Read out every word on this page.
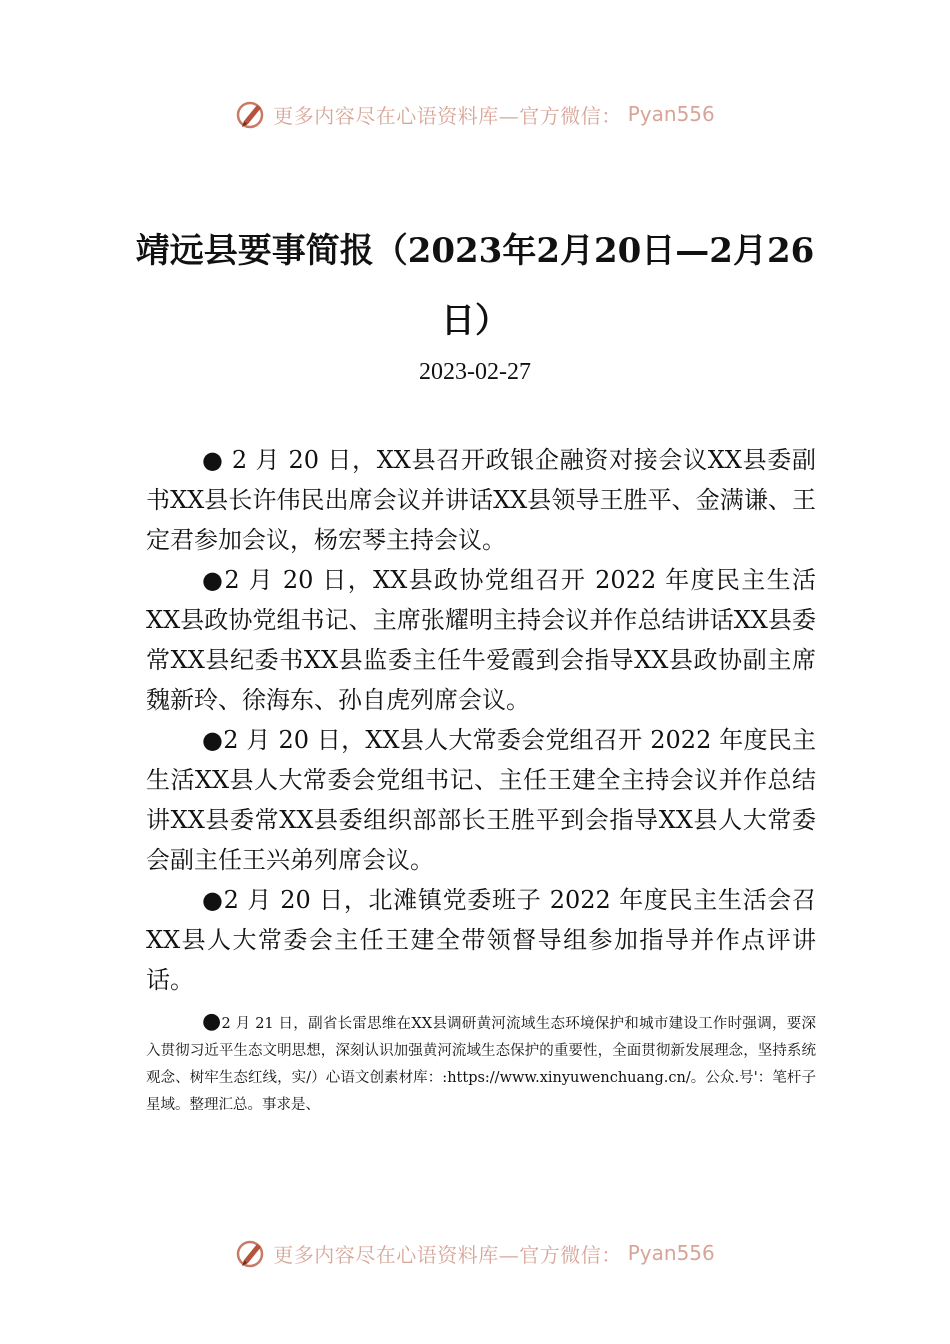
更多内容尽在心语资料库—官方微信： Pyan556
靖远县要事简报（2023年2月20日—2月26日）
2023-02-27

● 2 月 20 日，XX县召开政银企融资对接会议XX县委副书XX县长许伟民出席会议并讲话XX县领导王胜平、金满谦、王定君参加会议，杨宏琴主持会议。

●2 月 20 日，XX县政协党组召开 2022 年度民主生活XX县政协党组书记、主席张耀明主持会议并作总结讲话XX县委常XX县纪委书XX县监委主任牛爱霞到会指导XX县政协副主席魏新玲、徐海东、孙自虎列席会议。

●2 月 20 日，XX县人大常委会党组召开 2022 年度民主生活XX县人大常委会党组书记、主任王建全主持会议并作总结讲XX县委常XX县委组织部部长王胜平到会指导XX县人大常委会副主任王兴弟列席会议。

●2 月 20 日，北滩镇党委班子 2022 年度民主生活会召XX县人大常委会主任王建全带领督导组参加指导并作点评讲话。

●2 月 21 日，副省长雷思维在XX县调研黄河流域生态环境保护和城市建设工作时强调，要深入贯彻习近平生态文明思想，深刻认识加强黄河流域生态保护的重要性，全面贯彻新发展理念，坚持系统观念、树牢生态红线，实/）心语文创素材库：:https://www.xinyuwenchuang.cn/。公众.号'：笔杆子星域。整理汇总。事求是、

更多内容尽在心语资料库—官方微信： Pyan556
